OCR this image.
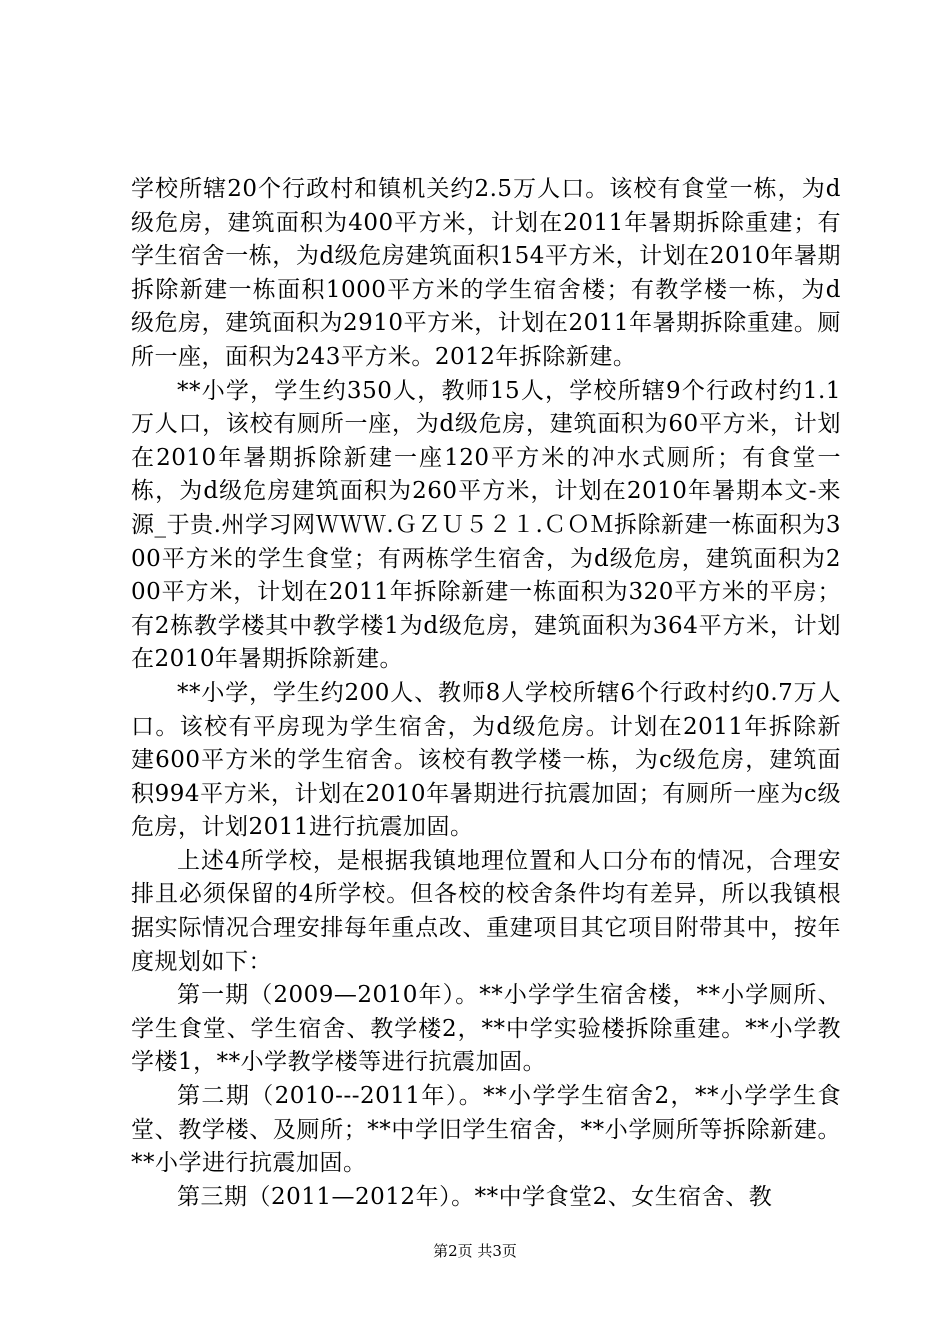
学校所辖20个行政村和镇机关约2.5万人口。该校有食堂一栋，为d级危房，建筑面积为400平方米，计划在2011年暑期拆除重建；有学生宿舍一栋，为d级危房建筑面积154平方米，计划在2010年暑期拆除新建一栋面积1000平方米的学生宿舍楼；有教学楼一栋，为d级危房，建筑面积为2910平方米，计划在2011年暑期拆除重建。厕所一座，面积为243平方米。2012年拆除新建。

**小学，学生约350人，教师15人，学校所辖9个行政村约1.1万人口，该校有厕所一座，为d级危房，建筑面积为60平方米，计划在2010年暑期拆除新建一座120平方米的冲水式厕所；有食堂一栋，为d级危房建筑面积为260平方米，计划在2010年暑期本文-来源_于贵.州学习网ＷＷＷ.ＧＺＵ５２１.ＣＯＭ拆除新建一栋面积为300平方米的学生食堂；有两栋学生宿舍，为d级危房，建筑面积为200平方米，计划在2011年拆除新建一栋面积为320平方米的平房；有2栋教学楼其中教学楼1为d级危房，建筑面积为364平方米，计划在2010年暑期拆除新建。

**小学，学生约200人、教师8人学校所辖6个行政村约0.7万人口。该校有平房现为学生宿舍，为d级危房。计划在2011年拆除新建600平方米的学生宿舍。该校有教学楼一栋，为c级危房，建筑面积994平方米，计划在2010年暑期进行抗震加固；有厕所一座为c级危房，计划2011进行抗震加固。

上述4所学校，是根据我镇地理位置和人口分布的情况，合理安排且必须保留的4所学校。但各校的校舍条件均有差异，所以我镇根据实际情况合理安排每年重点改、重建项目其它项目附带其中，按年度规划如下：

第一期（2009—2010年）。**小学学生宿舍楼，**小学厕所、学生食堂、学生宿舍、教学楼2，**中学实验楼拆除重建。**小学教学楼1，**小学教学楼等进行抗震加固。

第二期（2010---2011年）。**小学学生宿舍2，**小学学生食堂、教学楼、及厕所；**中学旧学生宿舍，**小学厕所等拆除新建。**小学进行抗震加固。

第三期（2011—2012年）。**中学食堂2、女生宿舍、教

第2页 共3页
